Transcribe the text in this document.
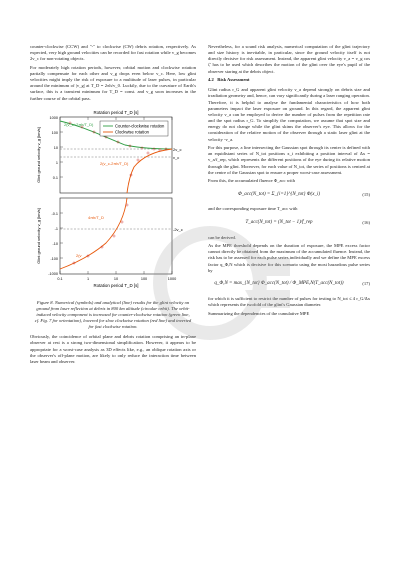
counter-clockwise (CCW) and "-" to clockwise (CW) debris rotation, respectively. As expected, very high ground velocities can be recorded for fast rotation while v_g becomes 2v_c for non-rotating objects.

For moderately high rotation periods, however, orbital motion and clockwise rotation partially compensate for each other and v_g drops even below v_c. Here, low glint velocities might imply the risk of exposure to a multitude of laser pulses, in particular around the minimum of |v_g| at T_D = 2πh/v_0. Luckily, due to the curvature of Earth's surface, this is a transient minimum for T_D = const. and v_g soon increases in the further course of the orbital pass.

Counter-clockwise rotation
Clockwise rotation
2(v_c+2πh/T_D)
2v_c
v_c
2(v_c-2πh/T_D)
4πh/T_D
-2v_c
2(v
Rotation period T_D [s]
Rotation period T_D [s]
0.1	1	10	100	1000
1000
100
10
1
0.1
-0.1
-1
-10
-100
-1000
Glint ground velocity v_g [km/s]
Glint ground velocity v_g [km/s]
Figure 8. Numerical (symbols) and analytical (line) results for the glint velocity on ground from laser reflection at debris in 800 km altitude (circular orbit). The orbit-induced velocity component is increased for counter-clockwise rotation (green line, cf. Fig. 7 for orientation), lowered for slow clockwise rotation (red line) and inverted for fast clockwise rotation.

Obviously, the coincidence of orbital plane and debris rotation comprising an in-plane observer at rest is a strong two-dimensional simplification. However, it appears to be appropriate for a worst-case analysis as 3D effects like, e.g., an oblique rotation axis or the observer's off-plane motion, are likely to only reduce the interaction time between laser beam and observer.

Nevertheless, for a sound risk analysis, numerical computation of the glint trajectory and size history is inevitable, in particular, since the ground velocity itself is not directly decisive for risk assessment. Instead, the apparent glint velocity v_a = v_g cos ζ' has to be used which describes the motion of the glint over the eye's pupil of the observer staring at the debris object.

4.2 Risk Assessment

Glint radius r_G and apparent glint velocity v_a depend strongly on debris size and irradiation geometry and, hence, can vary significantly during a laser ranging operation. Therefore, it is helpful to analyse the fundamental characteristics of how both parameters impact the laser exposure on ground. In this regard, the apparent glint velocity v_a can be employed to derive the number of pulses from the repetition rate and the spot radius r_G. To simplify the computation, we assume that spot size and energy do not change while the glint skims the observer's eye. This allows for the consideration of the relative motion of the observer through a static laser glint at the velocity -v_a.

For this purpose, a line intersecting the Gaussian spot through its center is defined with an equidistant series of N_tot positions x_i exhibiting a position interval of Δx = v_a/f_rep, which represents the different positions of the eye during its relative motion through the glint. Moreover, for each value of N_tot, the series of positions is centred at the centre of the Gaussian spot to ensure a proper worst-case assessment.

From this, the accumulated fluence Φ_acc with

Φ_acc(N_tot) = Σ_{i=1}^{N_tot} Φ(x_i)	(15)

and the corresponding exposure time T_acc with

T_acc(N_tot) = (N_tot − 1)/f_rep	(16)

can be derived.

As the MPE threshold depends on the duration of exposure, the MPE excess factor cannot directly be obtained from the maximum of the accumulated fluence. Instead, the risk has to be assessed for each pulse series individually and we define the MPE excess factor q_Φ,N which is decisive for this scenario using the most hazardous pulse series by

q_Φ,N = max_{N_tot} Φ_acc(N_tot) / Φ_MPE,N(T_acc(N_tot))	(17)

for which it is sufficient to restrict the number of pulses for testing to N_tot ≤ 4 r_G/Δx which represents the twofold of the glint's Gaussian diameter.

Summarizing the dependencies of the cumulative MPE
